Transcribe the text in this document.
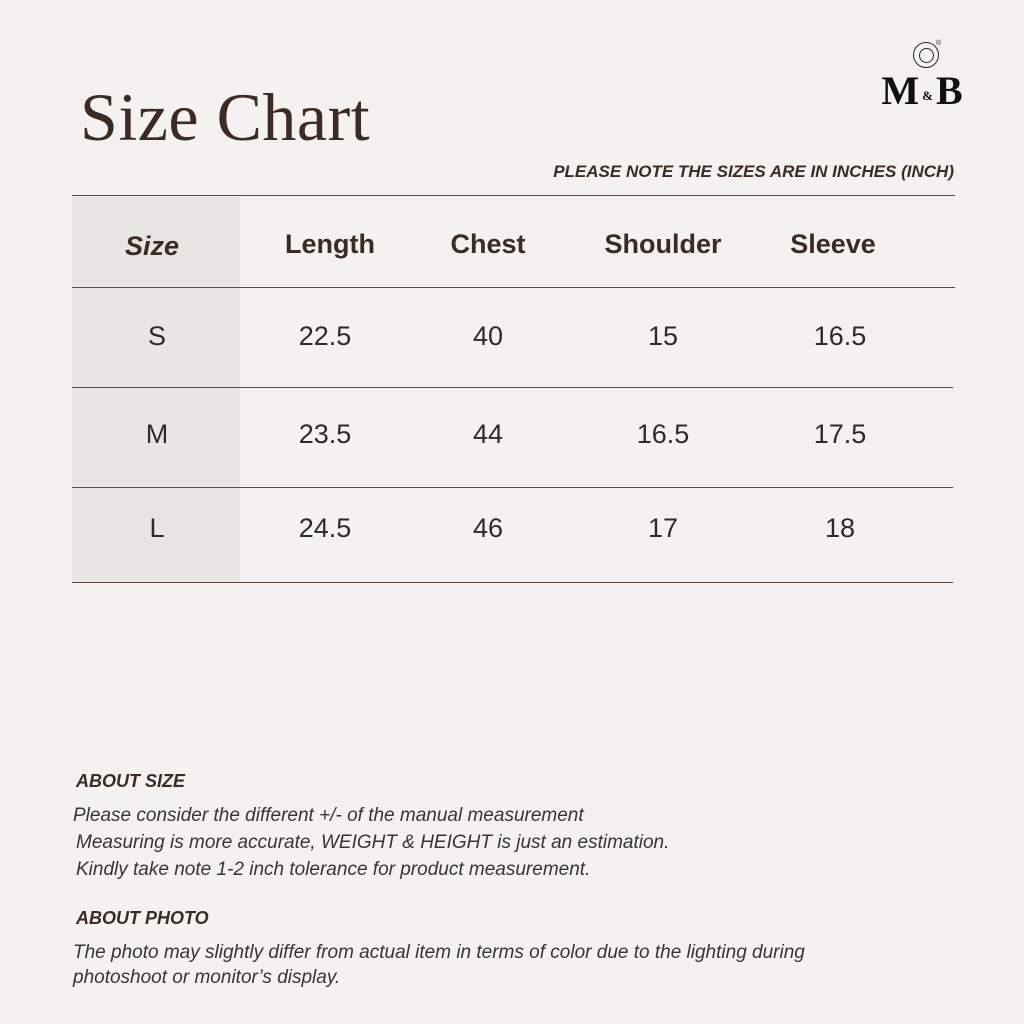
Size Chart
®
M & B
PLEASE NOTE THE SIZES ARE IN INCHES (INCH)
Size	Length	Chest	Shoulder	Sleeve
S	22.5	40	15	16.5
M	23.5	44	16.5	17.5
L	24.5	46	17	18
ABOUT SIZE
Please consider the different +/- of the manual measurement
Measuring is more accurate, WEIGHT & HEIGHT is just an estimation.
Kindly take note 1-2 inch tolerance for product measurement.
ABOUT PHOTO
The photo may slightly differ from actual item in terms of color due to the lighting during
photoshoot or monitor’s display.
